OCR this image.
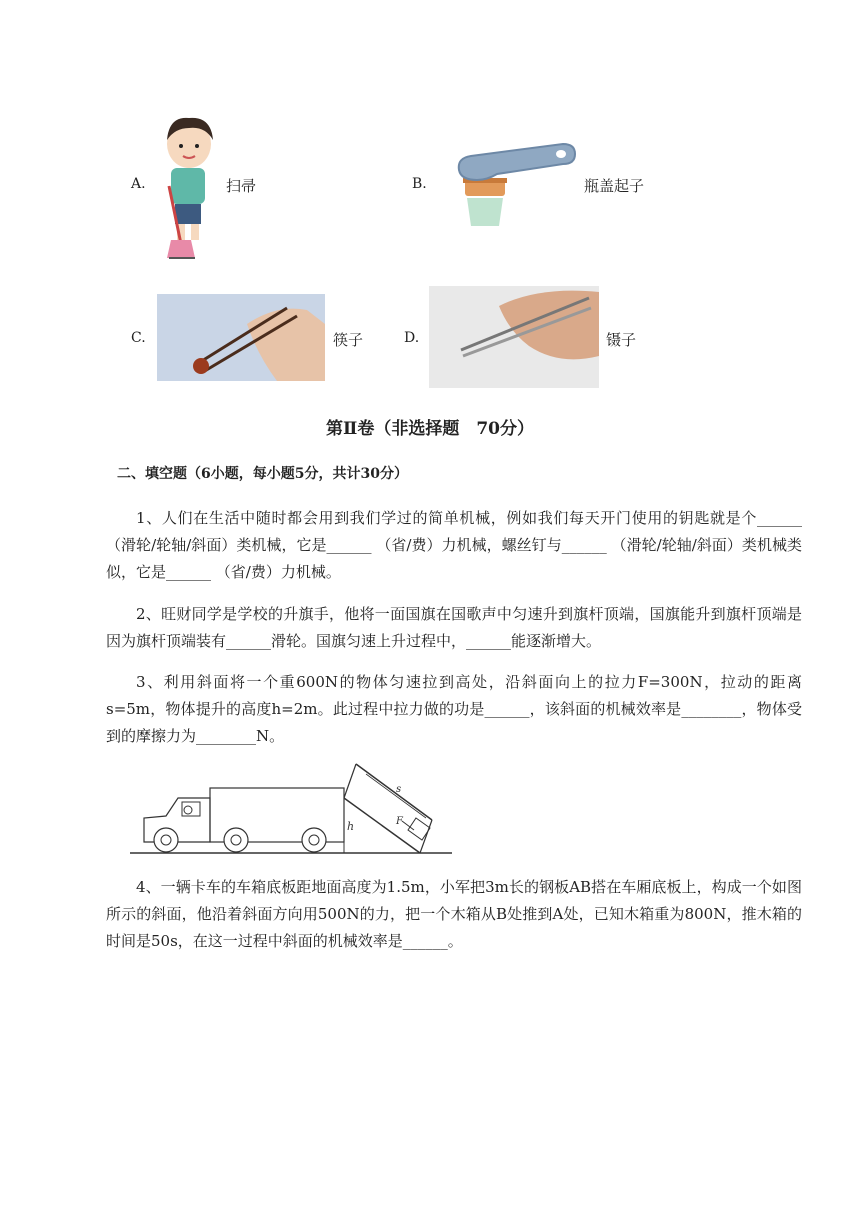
A.	扫帚	B.	瓶盖起子
C.	筷子	D.	镊子
第Ⅱ卷（非选择题　70分）
二、填空题（6小题，每小题5分，共计30分）
1、人们在生活中随时都会用到我们学过的简单机械，例如我们每天开门使用的钥匙就是个______（滑轮/轮轴/斜面）类机械，它是______ （省/费）力机械，螺丝钉与______ （滑轮/轮轴/斜面）类机械类似，它是______ （省/费）力机械。
2、旺财同学是学校的升旗手，他将一面国旗在国歌声中匀速升到旗杆顶端，国旗能升到旗杆顶端是因为旗杆顶端装有______滑轮。国旗匀速上升过程中，______能逐渐增大。
3、利用斜面将一个重600N的物体匀速拉到高处，沿斜面向上的拉力F=300N，拉动的距离s=5m，物体提升的高度h=2m。此过程中拉力做的功是______，该斜面的机械效率是________，物体受到的摩擦力为________N。
s
h	F
4、一辆卡车的车箱底板距地面高度为1.5m，小军把3m长的钢板AB搭在车厢底板上，构成一个如图所示的斜面，他沿着斜面方向用500N的力，把一个木箱从B处推到A处，已知木箱重为800N，推木箱的时间是50s，在这一过程中斜面的机械效率是______。
